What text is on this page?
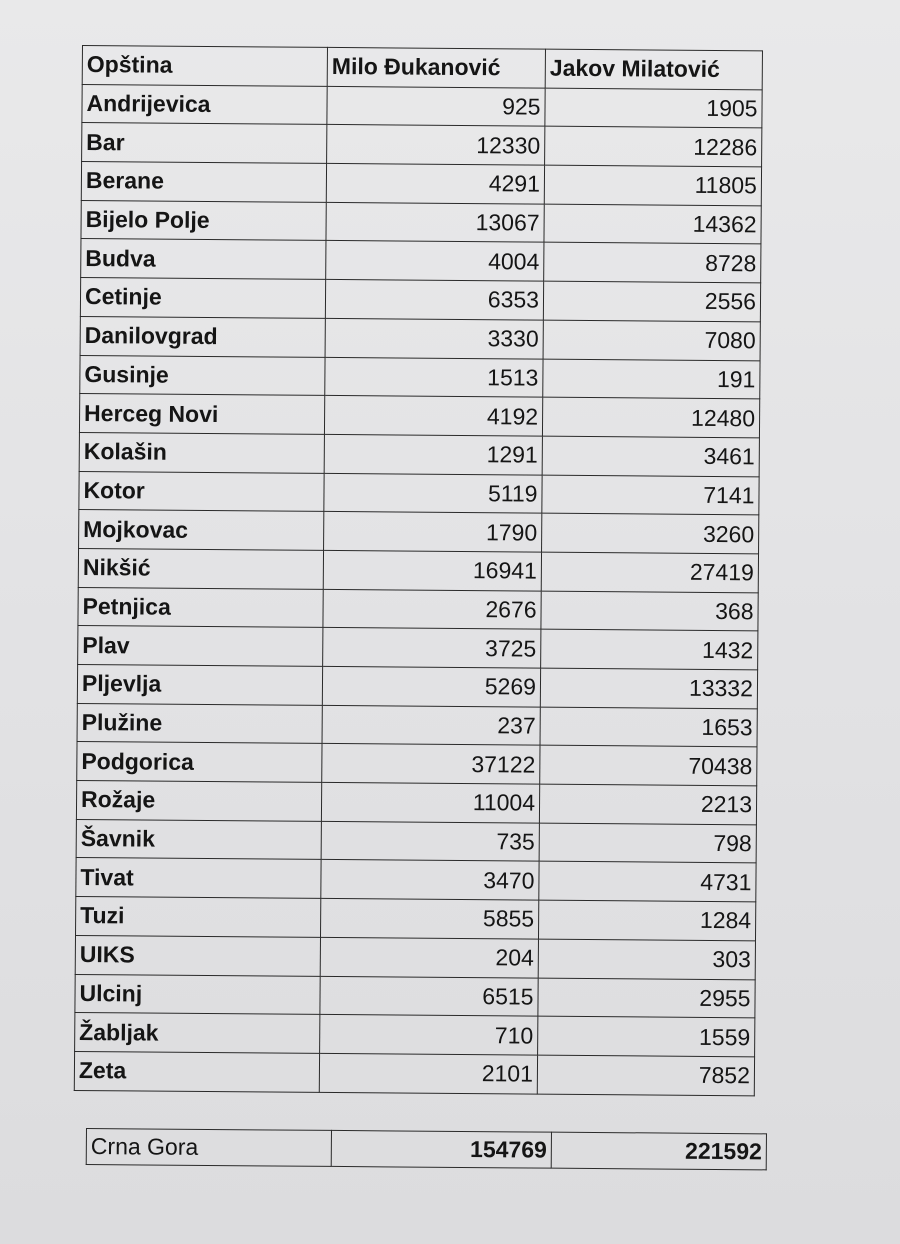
Opština	Milo Đukanović	Jakov Milatović
Andrijevica	925	1905
Bar	12330	12286
Berane	4291	11805
Bijelo Polje	13067	14362
Budva	4004	8728
Cetinje	6353	2556
Danilovgrad	3330	7080
Gusinje	1513	191
Herceg Novi	4192	12480
Kolašin	1291	3461
Kotor	5119	7141
Mojkovac	1790	3260
Nikšić	16941	27419
Petnjica	2676	368
Plav	3725	1432
Pljevlja	5269	13332
Plužine	237	1653
Podgorica	37122	70438
Rožaje	11004	2213
Šavnik	735	798
Tivat	3470	4731
Tuzi	5855	1284
UIKS	204	303
Ulcinj	6515	2955
Žabljak	710	1559
Zeta	2101	7852
Crna Gora	154769	221592
